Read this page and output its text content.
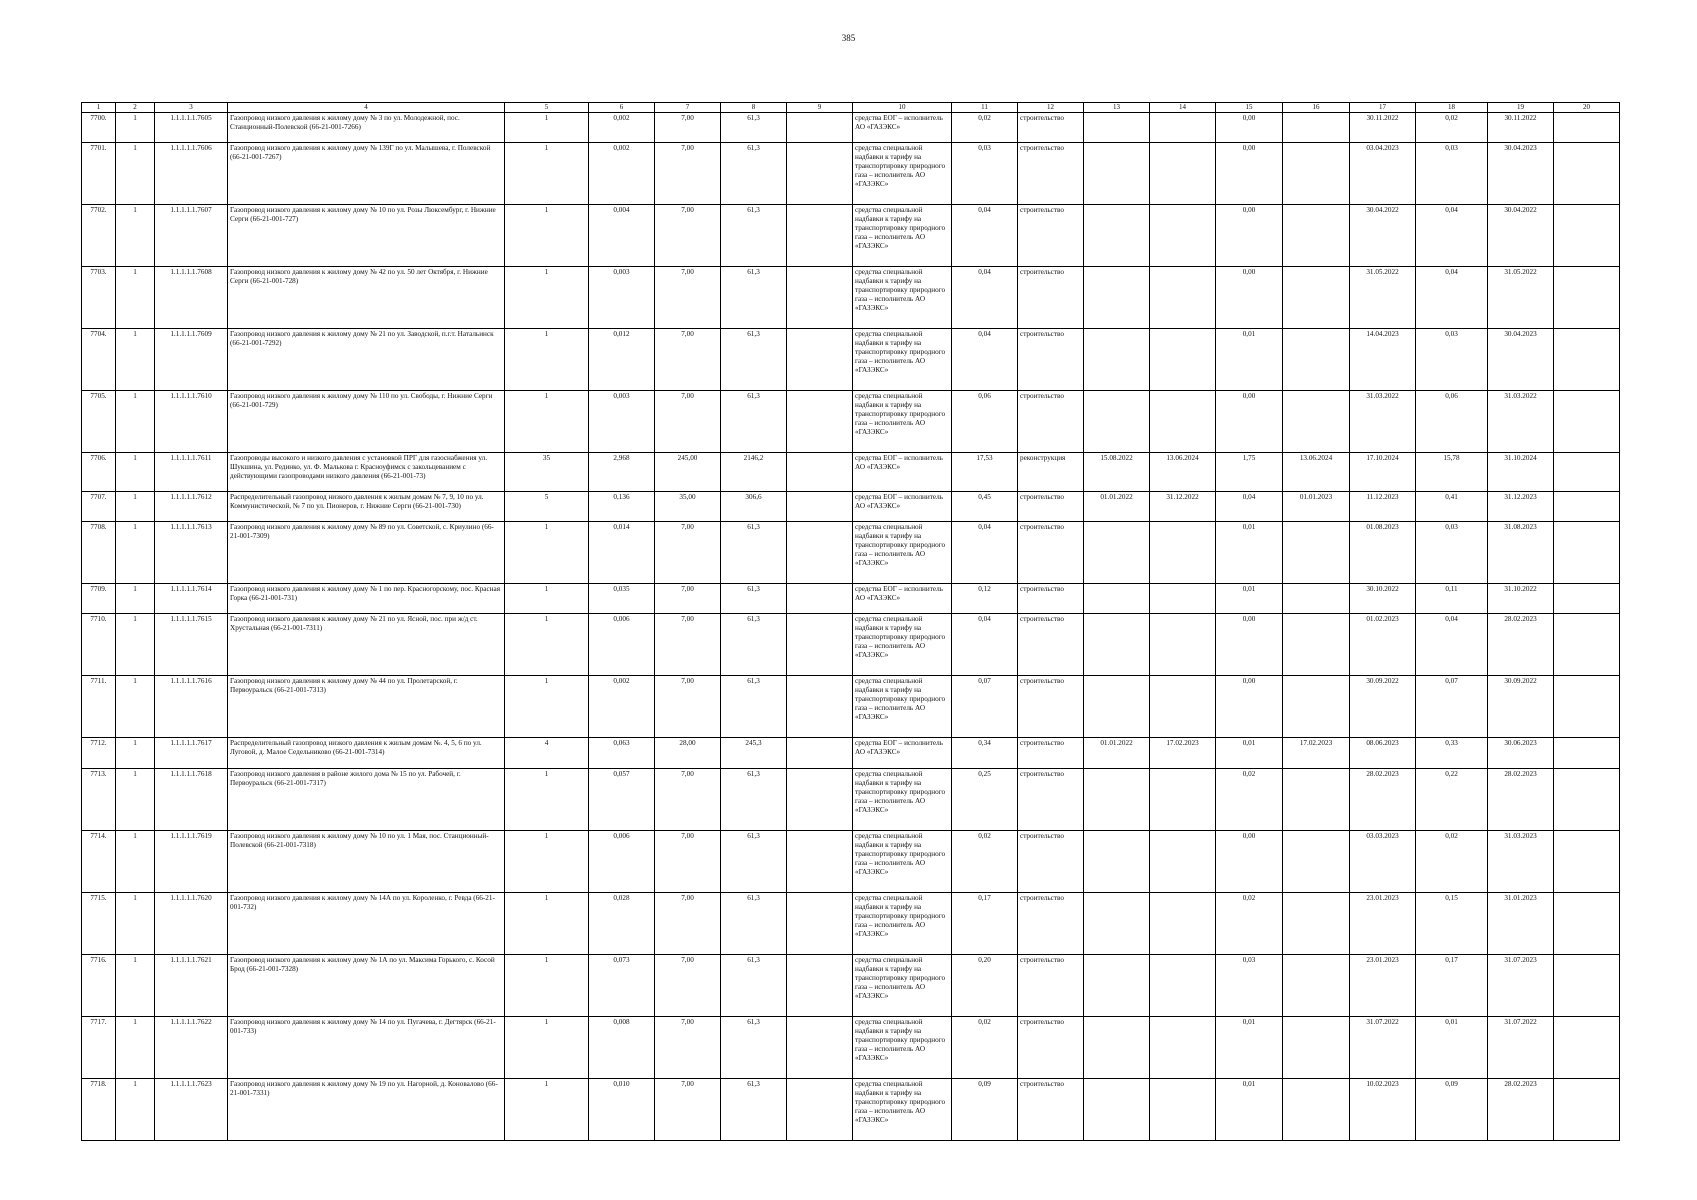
385
1	2	3	4	5	6	7	8	9	10	11	12	13	14	15	16	17	18	19	20
7700.	1	1.1.1.1.1.7605	Газопровод низкого давления к жилому дому № 3 по ул. Молодежной, пос. Станционный-Полевской (66-21-001-7266)	1	0,002	7,00	61,3		средства ЕОГ – исполнитель АО «ГАЗЭКС»	0,02	строительство			0,00		30.11.2022	0,02	30.11.2022	
7701.	1	1.1.1.1.1.7606	Газопровод низкого давления к жилому дому № 139Г по ул. Малышева, г. Полевской (66-21-001-7267)	1	0,002	7,00	61,3		средства специальной надбавки к тарифу на транспортировку природного газа – исполнитель АО «ГАЗЭКС»	0,03	строительство			0,00		03.04.2023	0,03	30.04.2023	
7702.	1	1.1.1.1.1.7607	Газопровод низкого давления к жилому дому № 10 по ул. Розы Люксембург, г. Нижние Серги (66-21-001-727)	1	0,004	7,00	61,3		средства специальной надбавки к тарифу на транспортировку природного газа – исполнитель АО «ГАЗЭКС»	0,04	строительство			0,00		30.04.2022	0,04	30.04.2022	
7703.	1	1.1.1.1.1.7608	Газопровод низкого давления к жилому дому № 42 по ул. 50 лет Октября, г. Нижние Серги (66-21-001-728)	1	0,003	7,00	61,3		средства специальной надбавки к тарифу на транспортировку природного газа – исполнитель АО «ГАЗЭКС»	0,04	строительство			0,00		31.05.2022	0,04	31.05.2022	
7704.	1	1.1.1.1.1.7609	Газопровод низкого давления к жилому дому № 21 по ул. Заводской, п.г.т. Натальинск (66-21-001-7292)	1	0,012	7,00	61,3		средства специальной надбавки к тарифу на транспортировку природного газа – исполнитель АО «ГАЗЭКС»	0,04	строительство			0,01		14.04.2023	0,03	30.04.2023	
7705.	1	1.1.1.1.1.7610	Газопровод низкого давления к жилому дому № 110 по ул. Свободы, г. Нижние Серги (66-21-001-729)	1	0,003	7,00	61,3		средства специальной надбавки к тарифу на транспортировку природного газа – исполнитель АО «ГАЗЭКС»	0,06	строительство			0,00		31.03.2022	0,06	31.03.2022	
7706.	1	1.1.1.1.1.7611	Газопроводы высокого и низкого давления с установкой ПРГ для газоснабжения ул. Шукшина, ул. Рединко, ул. Ф. Малькова г. Красноуфимск с закольцеванием с действующими газопроводами низкого давления (66-21-001-73)	35	2,968	245,00	2146,2		средства ЕОГ – исполнитель АО «ГАЗЭКС»	17,53	реконструкция	15.08.2022	13.06.2024	1,75	13.06.2024	17.10.2024	15,78	31.10.2024	
7707.	1	1.1.1.1.1.7612	Распределительный газопровод низкого давления к жилым домам № 7, 9, 10 по ул. Коммунистической, № 7 по ул. Пионеров, г. Нижние Серги (66-21-001-730)	5	0,136	35,00	306,6		средства ЕОГ – исполнитель АО «ГАЗЭКС»	0,45	строительство	01.01.2022	31.12.2022	0,04	01.01.2023	11.12.2023	0,41	31.12.2023	
7708.	1	1.1.1.1.1.7613	Газопровод низкого давления к жилому дому № 89 по ул. Советской, с. Криулино (66-21-001-7309)	1	0,014	7,00	61,3		средства специальной надбавки к тарифу на транспортировку природного газа – исполнитель АО «ГАЗЭКС»	0,04	строительство			0,01		01.08.2023	0,03	31.08.2023	
7709.	1	1.1.1.1.1.7614	Газопровод низкого давления к жилому дому № 1 по пер. Красногорскому, пос. Красная Горка (66-21-001-731)	1	0,035	7,00	61,3		средства ЕОГ – исполнитель АО «ГАЗЭКС»	0,12	строительство			0,01		30.10.2022	0,11	31.10.2022	
7710.	1	1.1.1.1.1.7615	Газопровод низкого давления к жилому дому № 21 по ул. Ясной, пос. при ж/д ст. Хрустальная (66-21-001-7311)	1	0,006	7,00	61,3		средства специальной надбавки к тарифу на транспортировку природного газа – исполнитель АО «ГАЗЭКС»	0,04	строительство			0,00		01.02.2023	0,04	28.02.2023	
7711.	1	1.1.1.1.1.7616	Газопровод низкого давления к жилому дому № 44 по ул. Пролетарской, г. Первоуральск (66-21-001-7313)	1	0,002	7,00	61,3		средства специальной надбавки к тарифу на транспортировку природного газа – исполнитель АО «ГАЗЭКС»	0,07	строительство			0,00		30.09.2022	0,07	30.09.2022	
7712.	1	1.1.1.1.1.7617	Распределительный газопровод низкого давления к жилым домам №. 4, 5, 6 по ул. Луговой, д. Малое Седельниково (66-21-001-7314)	4	0,063	28,00	245,3		средства ЕОГ – исполнитель АО «ГАЗЭКС»	0,34	строительство	01.01.2022	17.02.2023	0,01	17.02.2023	08.06.2023	0,33	30.06.2023	
7713.	1	1.1.1.1.1.7618	Газопровод низкого давления в районе жилого дома № 15 по ул. Рабочей, г. Первоуральск (66-21-001-7317)	1	0,057	7,00	61,3		средства специальной надбавки к тарифу на транспортировку природного газа – исполнитель АО «ГАЗЭКС»	0,25	строительство			0,02		28.02.2023	0,22	28.02.2023	
7714.	1	1.1.1.1.1.7619	Газопровод низкого давления к жилому дому № 10 по ул. 1 Мая, пос. Станционный-Полевской (66-21-001-7318)	1	0,006	7,00	61,3		средства специальной надбавки к тарифу на транспортировку природного газа – исполнитель АО «ГАЗЭКС»	0,02	строительство			0,00		03.03.2023	0,02	31.03.2023	
7715.	1	1.1.1.1.1.7620	Газопровод низкого давления к жилому дому № 14А по ул. Короленко, г. Ревда (66-21-001-732)	1	0,028	7,00	61,3		средства специальной надбавки к тарифу на транспортировку природного газа – исполнитель АО «ГАЗЭКС»	0,17	строительство			0,02		23.01.2023	0,15	31.01.2023	
7716.	1	1.1.1.1.1.7621	Газопровод низкого давления к жилому дому № 1А по ул. Максима Горького, с. Косой Брод (66-21-001-7328)	1	0,073	7,00	61,3		средства специальной надбавки к тарифу на транспортировку природного газа – исполнитель АО «ГАЗЭКС»	0,20	строительство			0,03		23.01.2023	0,17	31.07.2023	
7717.	1	1.1.1.1.1.7622	Газопровод низкого давления к жилому дому № 14 по ул. Пугачева, г. Дегтярск (66-21-001-733)	1	0,008	7,00	61,3		средства специальной надбавки к тарифу на транспортировку природного газа – исполнитель АО «ГАЗЭКС»	0,02	строительство			0,01		31.07.2022	0,01	31.07.2022	
7718.	1	1.1.1.1.1.7623	Газопровод низкого давления к жилому дому № 19 по ул. Нагорной, д. Коновалово (66-21-001-7331)	1	0,010	7,00	61,3		средства специальной надбавки к тарифу на транспортировку природного газа – исполнитель АО «ГАЗЭКС»	0,09	строительство			0,01		10.02.2023	0,09	28.02.2023	
